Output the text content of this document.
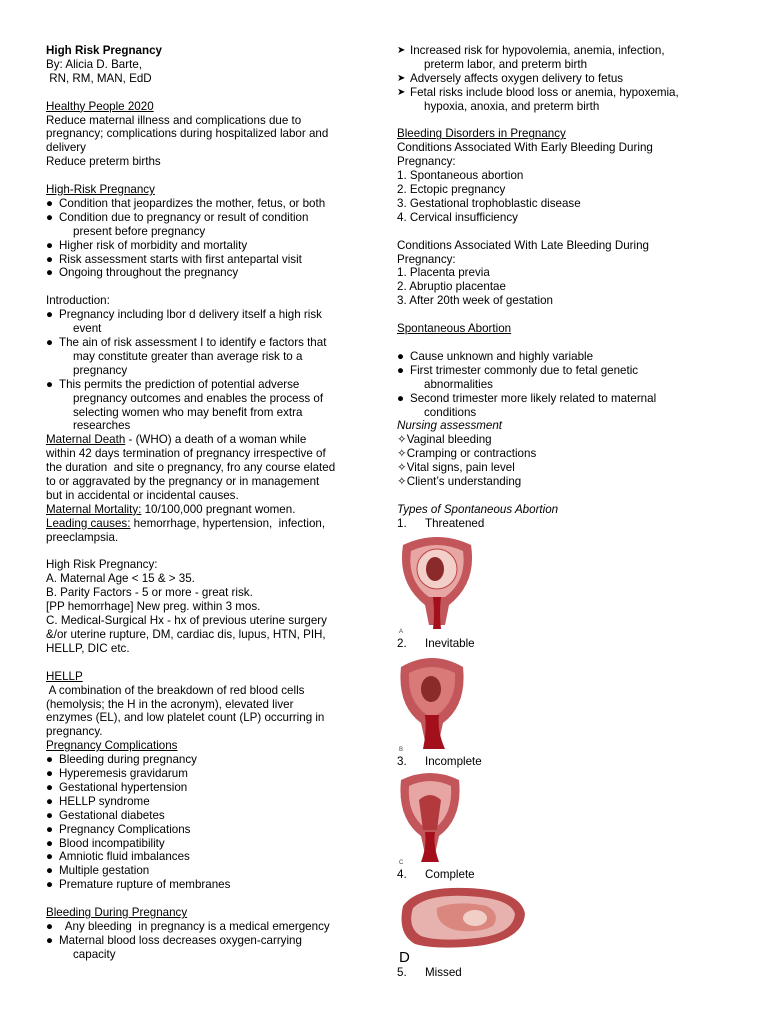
High Risk Pregnancy
By: Alicia D. Barte,
RN, RM, MAN, EdD
Healthy People 2020
Reduce maternal illness and complications due to
pregnancy; complications during hospitalized labor and
delivery
Reduce preterm births
High-Risk Pregnancy
● Condition that jeopardizes the mother, fetus, or both
● Condition due to pregnancy or result of condition
present before pregnancy
● Higher risk of morbidity and mortality
● Risk assessment starts with first antepartal visit
● Ongoing throughout the pregnancy
Introduction:
● Pregnancy including lbor d delivery itself a high risk
event
● The ain of risk assessment I to identify e factors that
may constitute greater than average risk to a
pregnancy
● This permits the prediction of potential adverse
pregnancy outcomes and enables the process of
selecting women who may benefit from extra
researches
Maternal Death - (WHO) a death of a woman while
within 42 days termination of pregnancy irrespective of
the duration  and site o pregnancy, fro any course elated
to or aggravated by the pregnancy or in management
but in accidental or incidental causes.
Maternal Mortality: 10/100,000 pregnant women.
Leading causes: hemorrhage, hypertension,  infection,
preeclampsia.
High Risk Pregnancy:
A. Maternal Age < 15 & > 35.
B. Parity Factors - 5 or more - great risk.
[PP hemorrhage] New preg. within 3 mos.
C. Medical-Surgical Hx - hx of previous uterine surgery
&/or uterine rupture, DM, cardiac dis, lupus, HTN, PIH,
HELLP, DIC etc.
HELLP
A combination of the breakdown of red blood cells
(hemolysis; the H in the acronym), elevated liver
enzymes (EL), and low platelet count (LP) occurring in
pregnancy.
Pregnancy Complications
● Bleeding during pregnancy
● Hyperemesis gravidarum
● Gestational hypertension
● HELLP syndrome
● Gestational diabetes
● Pregnancy Complications
● Blood incompatibility
● Amniotic fluid imbalances
● Multiple gestation
● Premature rupture of membranes
Bleeding During Pregnancy
● Any bleeding  in pregnancy is a medical emergency
● Maternal blood loss decreases oxygen-carrying
capacity
➤ Increased risk for hypovolemia, anemia, infection,
preterm labor, and preterm birth
➤ Adversely affects oxygen delivery to fetus
➤ Fetal risks include blood loss or anemia, hypoxemia,
hypoxia, anoxia, and preterm birth
Bleeding Disorders in Pregnancy
Conditions Associated With Early Bleeding During
Pregnancy:
1. Spontaneous abortion
2. Ectopic pregnancy
3. Gestational trophoblastic disease
4. Cervical insufficiency
Conditions Associated With Late Bleeding During
Pregnancy:
1. Placenta previa
2. Abruptio placentae
3. After 20th week of gestation
Spontaneous Abortion
● Cause unknown and highly variable
● First trimester commonly due to fetal genetic
abnormalities
● Second trimester more likely related to maternal
conditions
Nursing assessment
✧Vaginal bleeding
✧Cramping or contractions
✧Vital signs, pain level
✧Client’s understanding
Types of Spontaneous Abortion
1. Threatened
A
2. Inevitable
B
3. Incomplete
C
4. Complete
D
5. Missed
